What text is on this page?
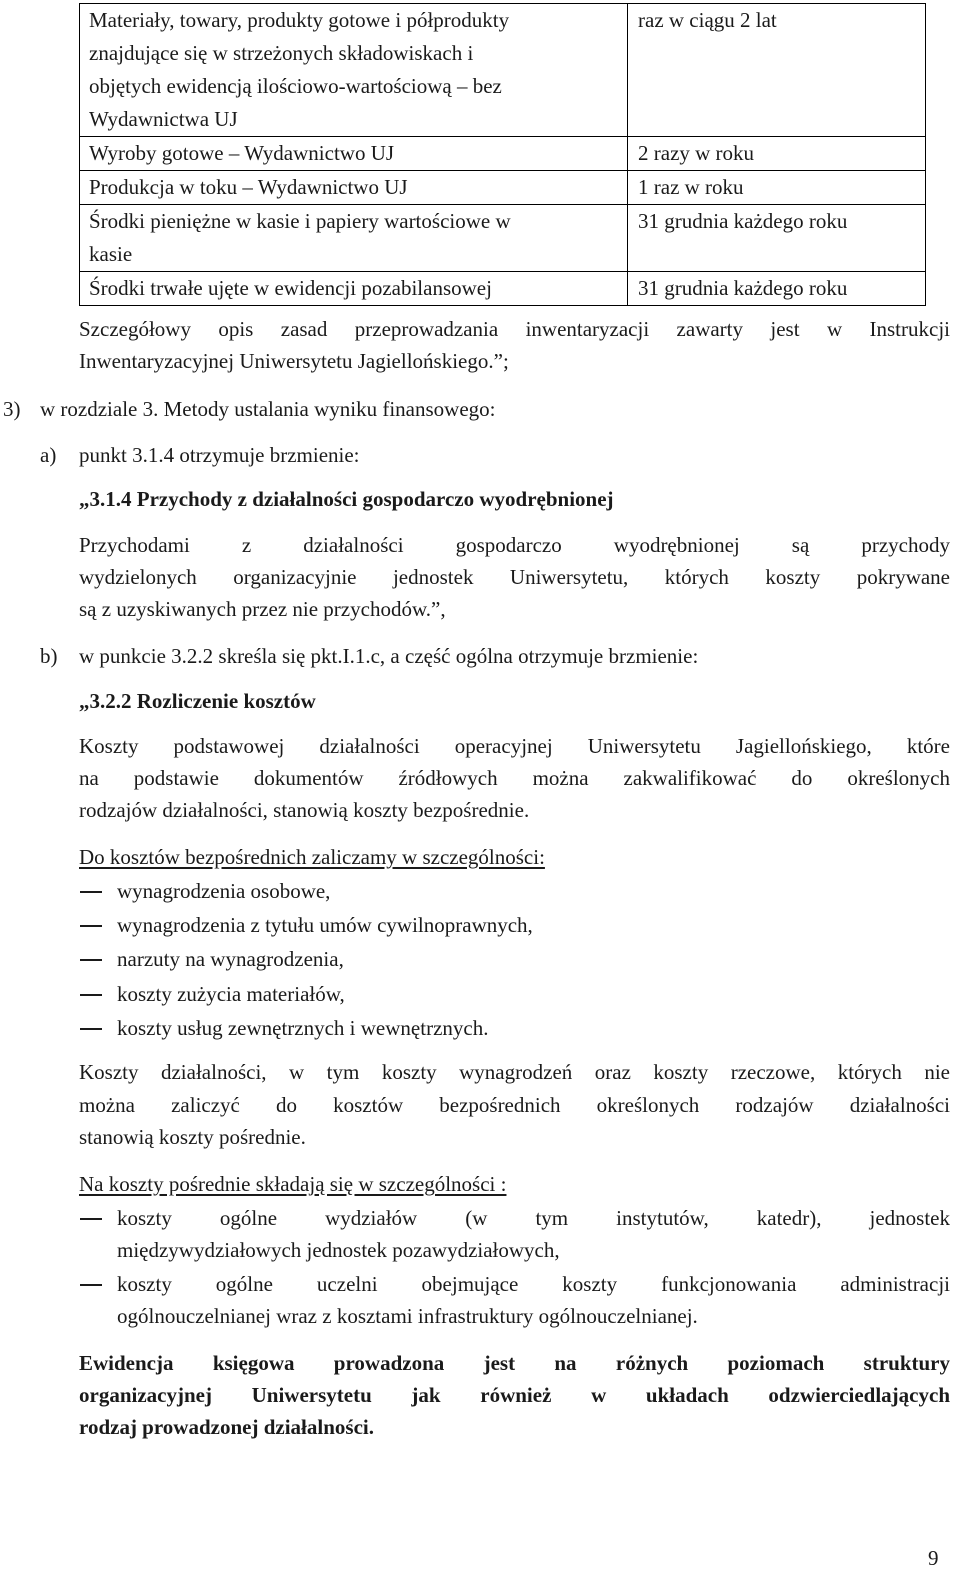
Materiały, towary, produkty gotowe i półprodukty
znajdujące się w strzeżonych składowiskach i
objętych ewidencją ilościowo-wartościową – bez
Wydawnictwa UJ	raz w ciągu 2 lat

Wyroby gotowe – Wydawnictwo UJ	2 razy w roku

Produkcja w toku – Wydawnictwo UJ	1 raz w roku

Środki pieniężne w kasie i papiery wartościowe w
kasie	31 grudnia każdego roku

Środki trwałe ujęte w ewidencji pozabilansowej	31 grudnia każdego roku
Szczegółowy opis zasad przeprowadzania inwentaryzacji zawarty jest w Instrukcji
Inwentaryzacyjnej Uniwersytetu Jagiellońskiego.”;
3) w rozdziale 3. Metody ustalania wyniku finansowego:
a) punkt 3.1.4 otrzymuje brzmienie:
„3.1.4 Przychody z działalności gospodarczo wyodrębnionej
Przychodami z działalności gospodarczo wyodrębnionej są przychody
wydzielonych organizacyjnie jednostek Uniwersytetu, których koszty pokrywane
są z uzyskiwanych przez nie przychodów.”,
b) w punkcie 3.2.2 skreśla się pkt.I.1.c, a część ogólna otrzymuje brzmienie:
„3.2.2 Rozliczenie kosztów
Koszty podstawowej działalności operacyjnej Uniwersytetu Jagiellońskiego, które
na podstawie dokumentów źródłowych można zakwalifikować do określonych
rodzajów działalności, stanowią koszty bezpośrednie.
Do kosztów bezpośrednich zaliczamy w szczególności:
wynagrodzenia osobowe,
wynagrodzenia z tytułu umów cywilnoprawnych,
narzuty na wynagrodzenia,
koszty zużycia materiałów,
koszty usług zewnętrznych i wewnętrznych.
Koszty działalności, w tym koszty wynagrodzeń oraz koszty rzeczowe, których nie
można zaliczyć do kosztów bezpośrednich określonych rodzajów działalności
stanowią koszty pośrednie.
Na koszty pośrednie składają się w szczególności :
koszty ogólne wydziałów (w tym instytutów, katedr), jednostek
międzywydziałowych jednostek pozawydziałowych,
koszty ogólne uczelni obejmujące koszty funkcjonowania administracji
ogólnouczelnianej wraz z kosztami infrastruktury ogólnouczelnianej.
Ewidencja księgowa prowadzona jest na różnych poziomach struktury
organizacyjnej Uniwersytetu jak również w układach odzwierciedlających
rodzaj prowadzonej działalności.
9
